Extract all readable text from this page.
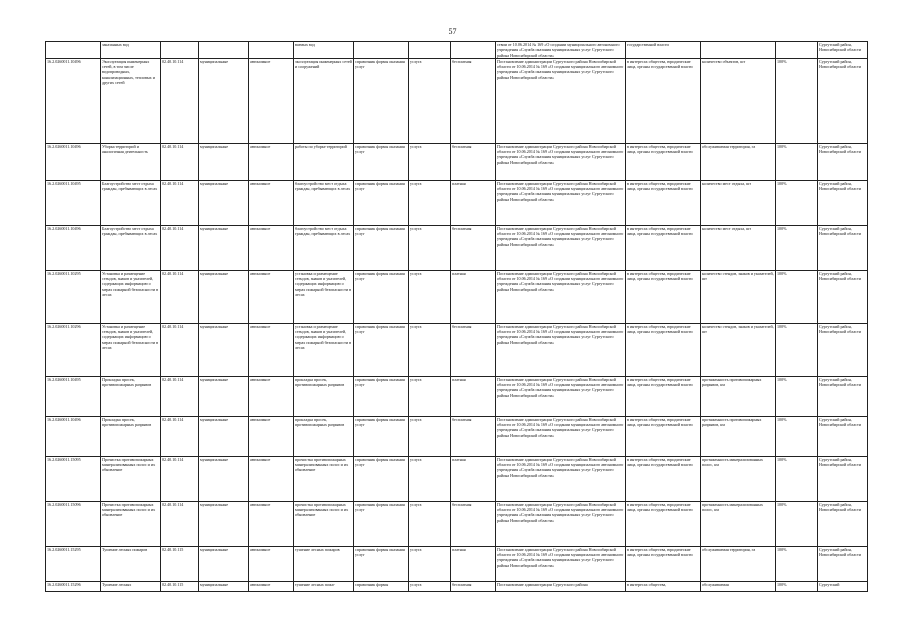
57
	заказанных вод				ваемых вод				ствии от 10.06.2014 № 169 «О создании муниципального автономного учреждения «Служба оказания муниципальных услуг Сургутского района Новосибирской области»	государственной власти			Сургутский район, Новосибирской области
16.2.0260011.10496	Эксплуатация инженерных сетей, в том числе водопроводных, канализационных, тепловых и других сетей	02.40.10.114	муниципальные	автономное	эксплуатация инженерных сетей и сооружений	справочник формы оказания услуг	услуга	бесплатная	Постановление администрации Сургутского района Новосибирской области от 10.06.2014 № 169 «О создании муниципального автономного учреждения «Служба оказания муниципальных услуг Сургутского района Новосибирской области»	в интересах общества, юридические лица, органы государственной власти	количество объектов, шт	100%	Сургутский район, Новосибирской области
16.2.0260011.10496	Уборка территорий и аналогичная деятельность	02.40.10.114	муниципальные	автономное	работы по уборке территорий	справочник формы оказания услуг	услуга	бесплатная	Постановление администрации Сургутского района Новосибирской области от 10.06.2014 № 169 «О создании муниципального автономного учреждения «Служба оказания муниципальных услуг Сургутского района Новосибирской области»	в интересах общества, юридические лица, органы государственной власти	обслуживаемая территория, га	100%	Сургутский район, Новосибирской области
16.2.0260011.10495	Благоустройство мест отдыха граждан, пребывающих в лесах	02.40.10.114	муниципальные	автономное	благоустройство мест отдыха граждан, пребывающих в лесах	справочник формы оказания услуг	услуга	платная	Постановление администрации Сургутского района Новосибирской области от 10.06.2014 № 169 «О создании муниципального автономного учреждения «Служба оказания муниципальных услуг Сургутского района Новосибирской области»	в интересах общества, юридические лица, органы государственной власти	количество мест отдыха, шт	100%	Сургутский район, Новосибирской области
16.2.0260011.10496	Благоустройство мест отдыха граждан, пребывающих в лесах	02.40.10.114	муниципальные	автономное	благоустройство мест отдыха граждан, пребывающих в лесах	справочник формы оказания услуг	услуга	бесплатная	Постановление администрации Сургутского района Новосибирской области от 10.06.2014 № 169 «О создании муниципального автономного учреждения «Служба оказания муниципальных услуг Сургутского района Новосибирской области»	в интересах общества, юридические лица, органы государственной власти	количество мест отдыха, шт	100%	Сургутский район, Новосибирской области
16.2.0260011.10295	Установка и размещение стендов, знаков и указателей, содержащих информацию о мерах пожарной безопасности в лесах	02.40.10.114	муниципальные	автономное	установка и размещение стендов, знаков и указателей, содержащих информацию о мерах пожарной безопасности в лесах	справочник формы оказания услуг	услуга	платная	Постановление администрации Сургутского района Новосибирской области от 10.06.2014 № 169 «О создании муниципального автономного учреждения «Служба оказания муниципальных услуг Сургутского района Новосибирской области»	в интересах общества, юридические лица, органы государственной власти	количество стендов, знаков и указателей, шт	100%	Сургутский район, Новосибирской области
16.2.0260011.10296	Установка и размещение стендов, знаков и указателей, содержащих информацию о мерах пожарной безопасности в лесах	02.40.10.114	муниципальные	автономное	установка и размещение стендов, знаков и указателей, содержащих информацию о мерах пожарной безопасности в лесах	справочник формы оказания услуг	услуга	бесплатная	Постановление администрации Сургутского района Новосибирской области от 10.06.2014 № 169 «О создании муниципального автономного учреждения «Служба оказания муниципальных услуг Сургутского района Новосибирской области»	в интересах общества, юридические лица, органы государственной власти	количество стендов, знаков и указателей, шт	100%	Сургутский район, Новосибирской области
16.2.0260011.10495	Прокладка просек, противопожарных разрывов	02.40.10.114	муниципальные	автономное	прокладка просек, противопожарных разрывов	справочник формы оказания услуг	услуга	платная	Постановление администрации Сургутского района Новосибирской области от 10.06.2014 № 169 «О создании муниципального автономного учреждения «Служба оказания муниципальных услуг Сургутского района Новосибирской области»	в интересах общества, юридические лица, органы государственной власти	протяженность противопожарных разрывов, км	100%	Сургутский район, Новосибирской области
16.2.0260011.10496	Прокладка просек, противопожарных разрывов	02.40.10.114	муниципальные	автономное	прокладка просек, противопожарных разрывов	справочник формы оказания услуг	услуга	бесплатная	Постановление администрации Сургутского района Новосибирской области от 10.06.2014 № 169 «О создании муниципального автономного учреждения «Служба оказания муниципальных услуг Сургутского района Новосибирской области»	в интересах общества, юридические лица, органы государственной власти	протяженность противопожарных разрывов, км	100%	Сургутский район, Новосибирской области
16.2.0260011.15095	Прочистка противопожарных минерализованных полос и их обновление	02.40.10.114	муниципальные	автономное	прочистка противопожарных минерализованных полос и их обновление	справочник формы оказания услуг	услуга	платная	Постановление администрации Сургутского района Новосибирской области от 10.06.2014 № 169 «О создании муниципального автономного учреждения «Служба оказания муниципальных услуг Сургутского района Новосибирской области»	в интересах общества, юридические лица, органы государственной власти	протяженность минерализованных полос, км	100%	Сургутский район, Новосибирской области
16.2.0260011.15096	Прочистка противопожарных минерализованных полос и их обновление	02.40.10.114	муниципальные	автономное	прочистка противопожарных минерализованных полос и их обновление	справочник формы оказания услуг	услуга	бесплатная	Постановление администрации Сургутского района Новосибирской области от 10.06.2014 № 169 «О создании муниципального автономного учреждения «Служба оказания муниципальных услуг Сургутского района Новосибирской области»	в интересах общества, юридические лица, органы государственной власти	протяженность минерализованных полос, км	100%	Сургутский район, Новосибирской области
16.2.0260011.15295	Тушение лесных пожаров	02.40.10.115	муниципальные	автономное	тушение лесных пожаров	справочник формы оказания услуг	услуга	платная	Постановление администрации Сургутского района Новосибирской области от 10.06.2014 № 169 «О создании муниципального автономного учреждения «Служба оказания муниципальных услуг Сургутского района Новосибирской области»	в интересах общества, юридические лица, органы государственной власти	обслуживаемая территория, га	100%	Сургутский район, Новосибирской области
16.2.0260011.15296	Тушение лесных	02.40.10.115	муниципальные	автономное	тушение лесных пожа-	справочник формы	услуга	бесплатная	Постановление администрации Сургутского района	в интересах общества,	обслуживаемая	100%	Сургутский
